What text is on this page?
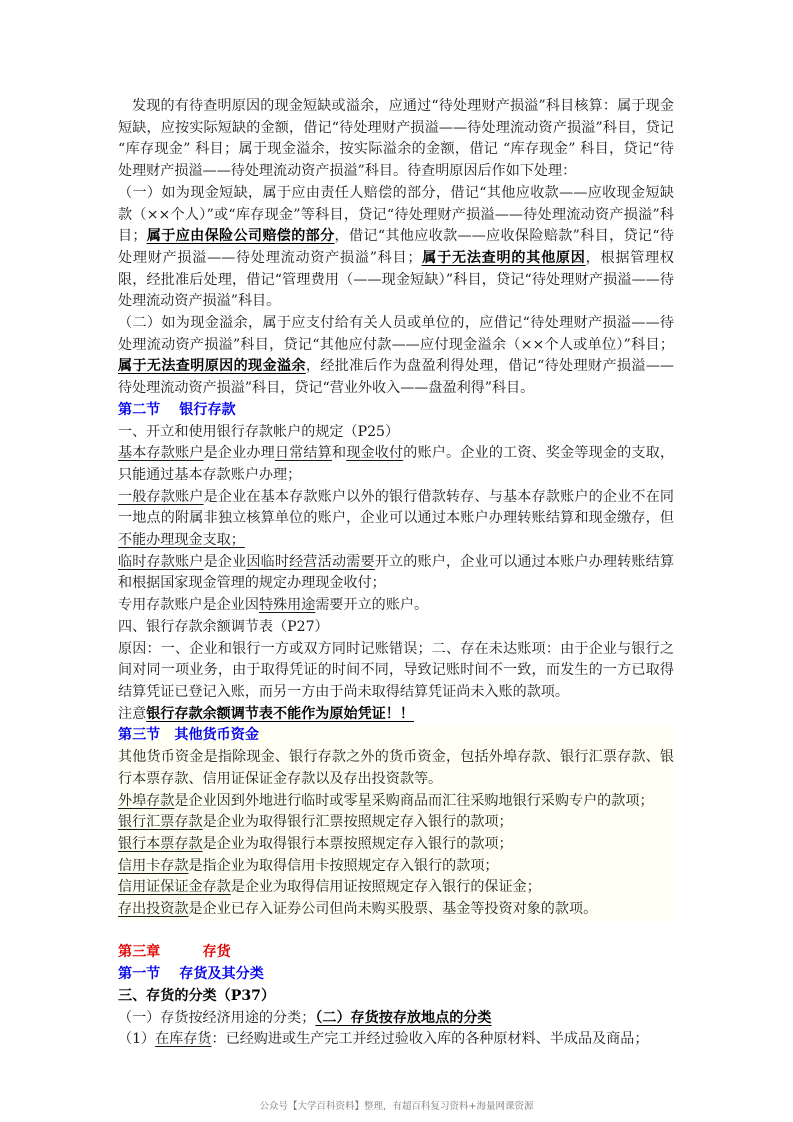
发现的有待查明原因的现金短缺或溢余，应通过“待处理财产损溢”科目核算：属于现金短缺，应按实际短缺的金额，借记“待处理财产损溢——待处理流动资产损溢”科目，贷记 “库存现金” 科目；属于现金溢余，按实际溢余的金额，借记 “库存现金” 科目，贷记“待处理财产损溢——待处理流动资产损溢”科目。待查明原因后作如下处理：

（一）如为现金短缺，属于应由责任人赔偿的部分，借记“其他应收款——应收现金短缺款（××个人）”或“库存现金”等科目，贷记“待处理财产损溢——待处理流动资产损溢”科目；属于应由保险公司赔偿的部分，借记“其他应收款——应收保险赔款”科目，贷记“待处理财产损溢——待处理流动资产损溢”科目；属于无法查明的其他原因，根据管理权限，经批准后处理，借记“管理费用（——现金短缺）”科目，贷记“待处理财产损溢——待处理流动资产损溢”科目。

（二）如为现金溢余，属于应支付给有关人员或单位的，应借记“待处理财产损溢——待处理流动资产损溢”科目，贷记“其他应付款——应付现金溢余（××个人或单位）”科目；属于无法查明原因的现金溢余，经批准后作为盘盈利得处理，借记“待处理财产损溢——待处理流动资产损溢”科目，贷记“营业外收入——盘盈利得”科目。

第二节　 银行存款

一、开立和使用银行存款帐户的规定（P25）

基本存款账户是企业办理日常结算和现金收付的账户。企业的工资、奖金等现金的支取，只能通过基本存款账户办理；

一般存款账户是企业在基本存款账户以外的银行借款转存、与基本存款账户的企业不在同一地点的附属非独立核算单位的账户，企业可以通过本账户办理转账结算和现金缴存，但不能办理现金支取；

临时存款账户是企业因临时经营活动需要开立的账户，企业可以通过本账户办理转账结算和根据国家现金管理的规定办理现金收付；

专用存款账户是企业因特殊用途需要开立的账户。

四、银行存款余额调节表（P27）

原因：一、企业和银行一方或双方同时记账错误；二、存在未达账项：由于企业与银行之间对同一项业务，由于取得凭证的时间不同，导致记账时间不一致，而发生的一方已取得结算凭证已登记入账，而另一方由于尚未取得结算凭证尚未入账的款项。

注意银行存款余额调节表不能作为原始凭证！！

第三节　其他货币资金

其他货币资金是指除现金、银行存款之外的货币资金，包括外埠存款、银行汇票存款、银行本票存款、信用证保证金存款以及存出投资款等。

外埠存款是企业因到外地进行临时或零星采购商品而汇往采购地银行采购专户的款项；

银行汇票存款是企业为取得银行汇票按照规定存入银行的款项；

银行本票存款是企业为取得银行本票按照规定存入银行的款项；

信用卡存款是指企业为取得信用卡按照规定存入银行的款项；

信用证保证金存款是企业为取得信用证按照规定存入银行的保证金；

存出投资款是企业已存入证券公司但尚未购买股票、基金等投资对象的款项。

第三章　　　存货

第一节　 存货及其分类

三、存货的分类（P37）

（一）存货按经济用途的分类；（二）存货按存放地点的分类

（1）在库存货：已经购进或生产完工并经过验收入库的各种原材料、半成品及商品；

公众号【大学百科资料】整理，有超百科复习资料+海量网课资源
